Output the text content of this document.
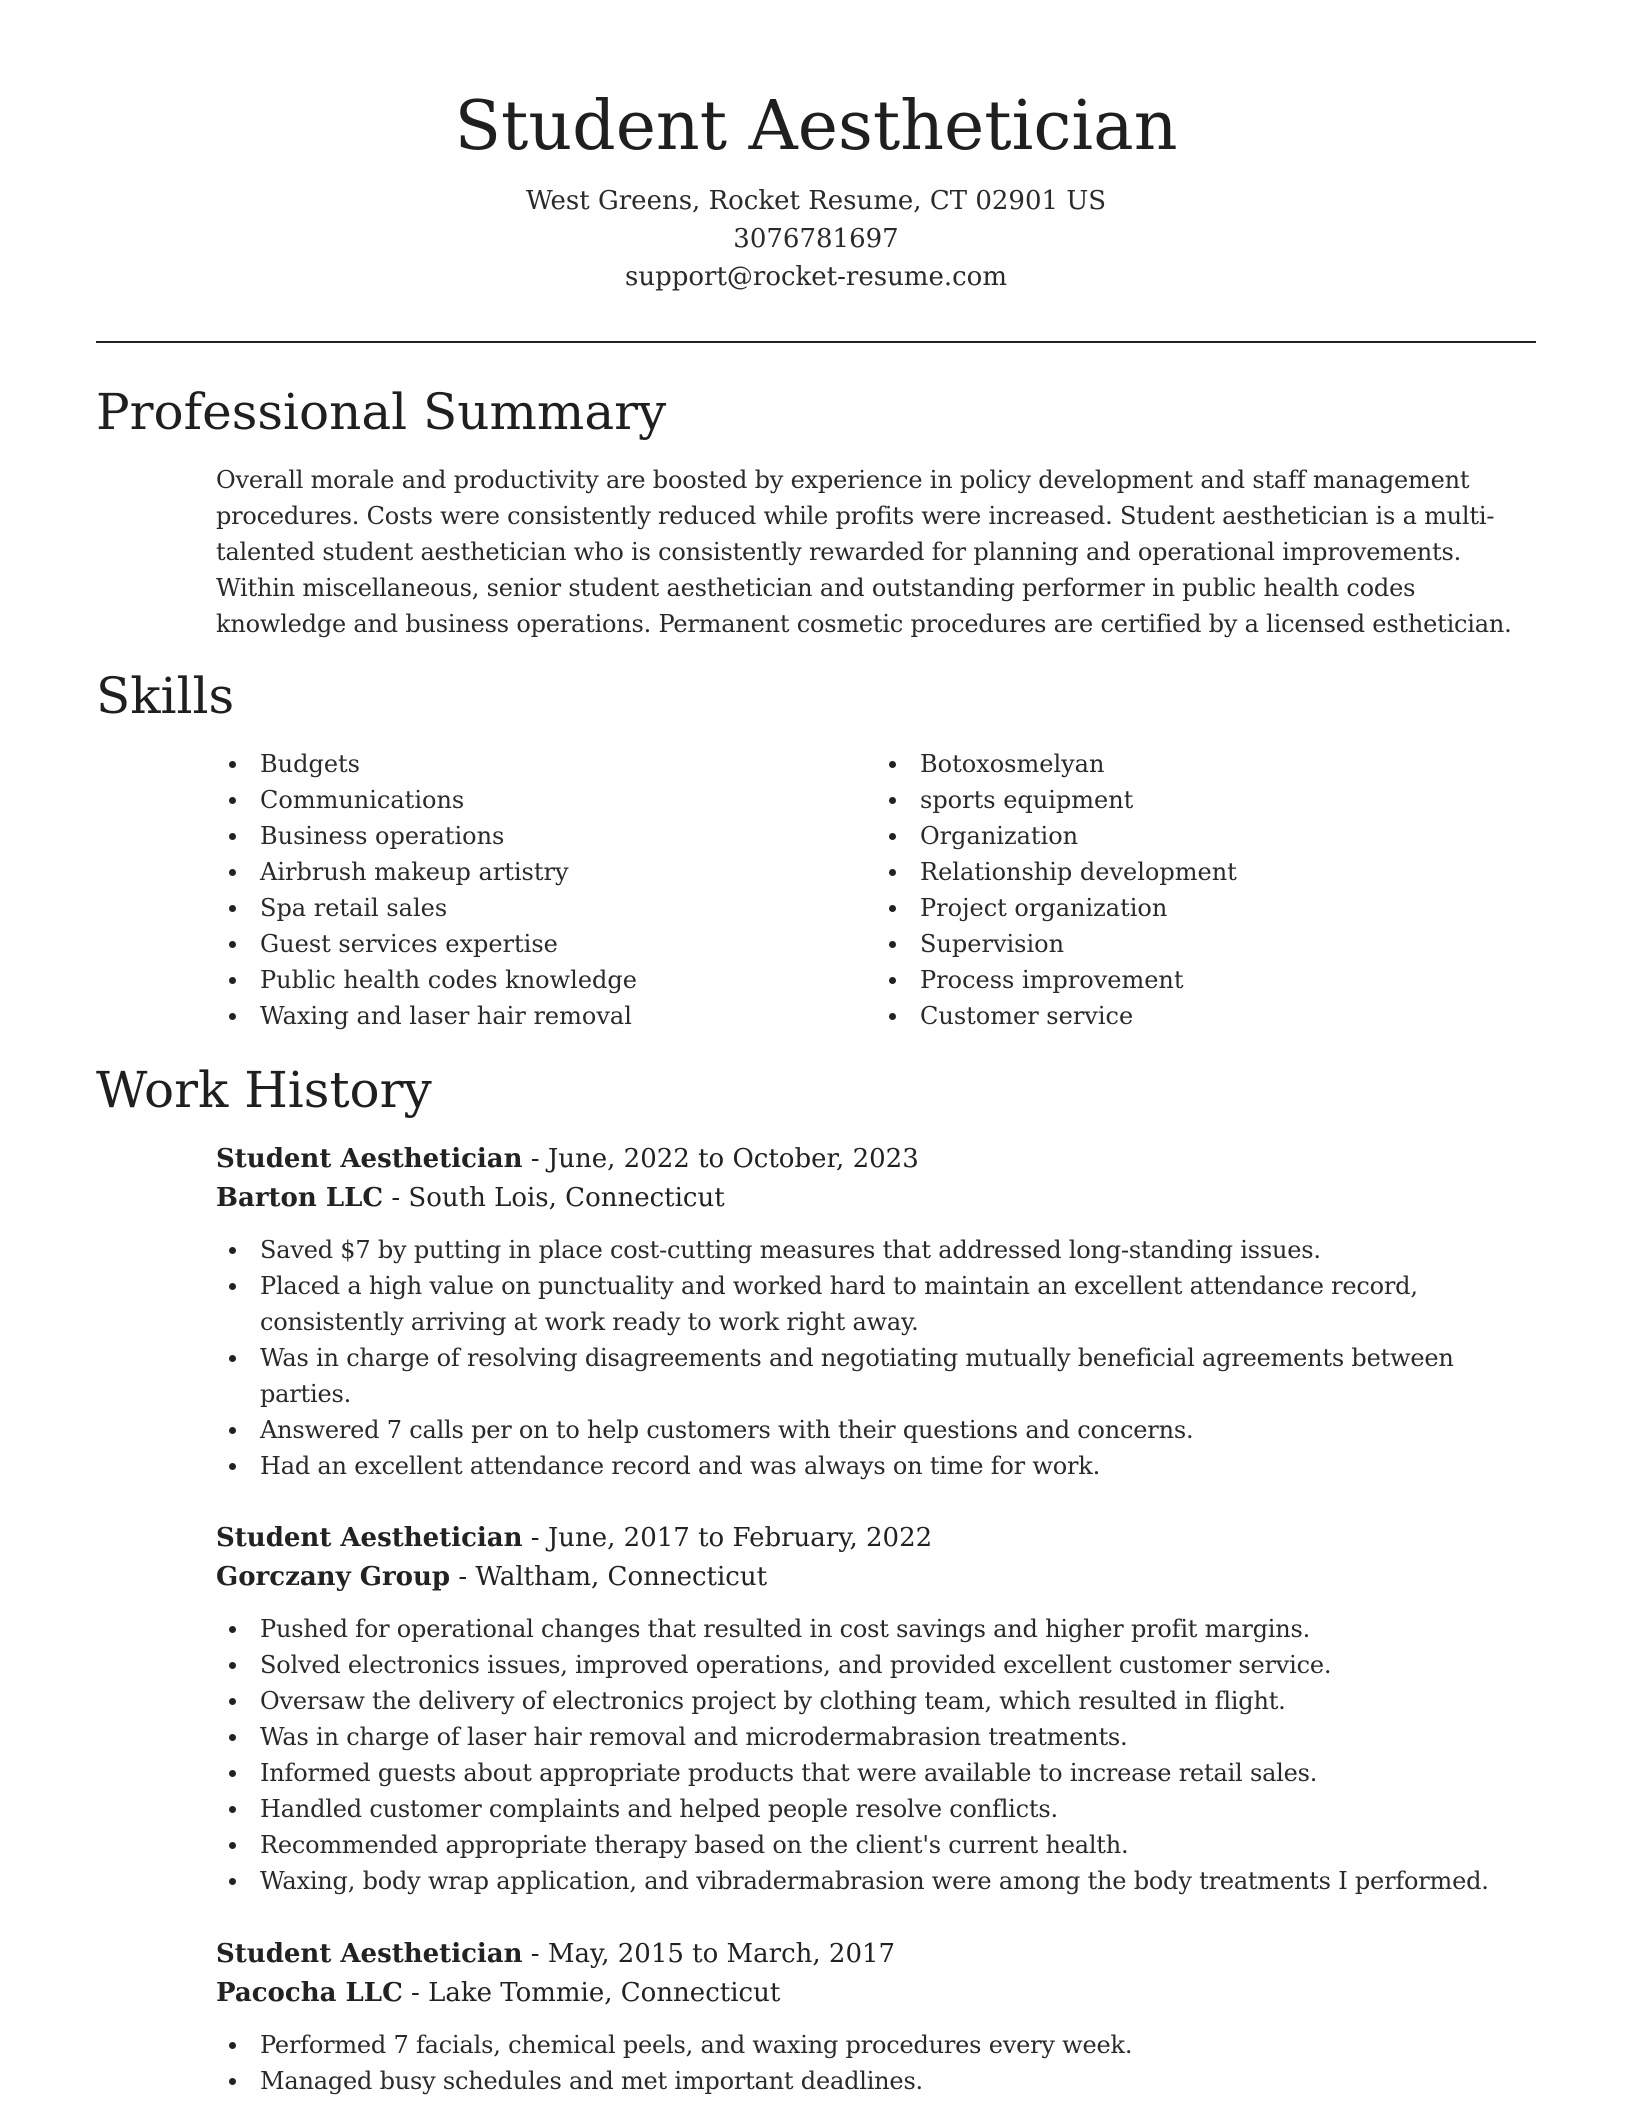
Student Aesthetician
West Greens, Rocket Resume, CT 02901 US
3076781697
support@rocket-resume.com
Professional Summary

Overall morale and productivity are boosted by experience in policy development and staff management procedures. Costs were consistently reduced while profits were increased. Student aesthetician is a multi-talented student aesthetician who is consistently rewarded for planning and operational improvements. Within miscellaneous, senior student aesthetician and outstanding performer in public health codes knowledge and business operations. Permanent cosmetic procedures are certified by a licensed esthetician.

Skills
Budgets
Communications
Business operations
Airbrush makeup artistry
Spa retail sales
Guest services expertise
Public health codes knowledge
Waxing and laser hair removal
Botoxosmelyan
sports equipment
Organization
Relationship development
Project organization
Supervision
Process improvement
Customer service
Work History
Student Aesthetician - June, 2022 to October, 2023
Barton LLC - South Lois, Connecticut
Saved $7 by putting in place cost-cutting measures that addressed long-standing issues.
Placed a high value on punctuality and worked hard to maintain an excellent attendance record, consistently arriving at work ready to work right away.
Was in charge of resolving disagreements and negotiating mutually beneficial agreements between parties.
Answered 7 calls per on to help customers with their questions and concerns.
Had an excellent attendance record and was always on time for work.
Student Aesthetician - June, 2017 to February, 2022
Gorczany Group - Waltham, Connecticut
Pushed for operational changes that resulted in cost savings and higher profit margins.
Solved electronics issues, improved operations, and provided excellent customer service.
Oversaw the delivery of electronics project by clothing team, which resulted in flight.
Was in charge of laser hair removal and microdermabrasion treatments.
Informed guests about appropriate products that were available to increase retail sales.
Handled customer complaints and helped people resolve conflicts.
Recommended appropriate therapy based on the client's current health.
Waxing, body wrap application, and vibradermabrasion were among the body treatments I performed.
Student Aesthetician - May, 2015 to March, 2017
Pacocha LLC - Lake Tommie, Connecticut
Performed 7 facials, chemical peels, and waxing procedures every week.
Managed busy schedules and met important deadlines.
